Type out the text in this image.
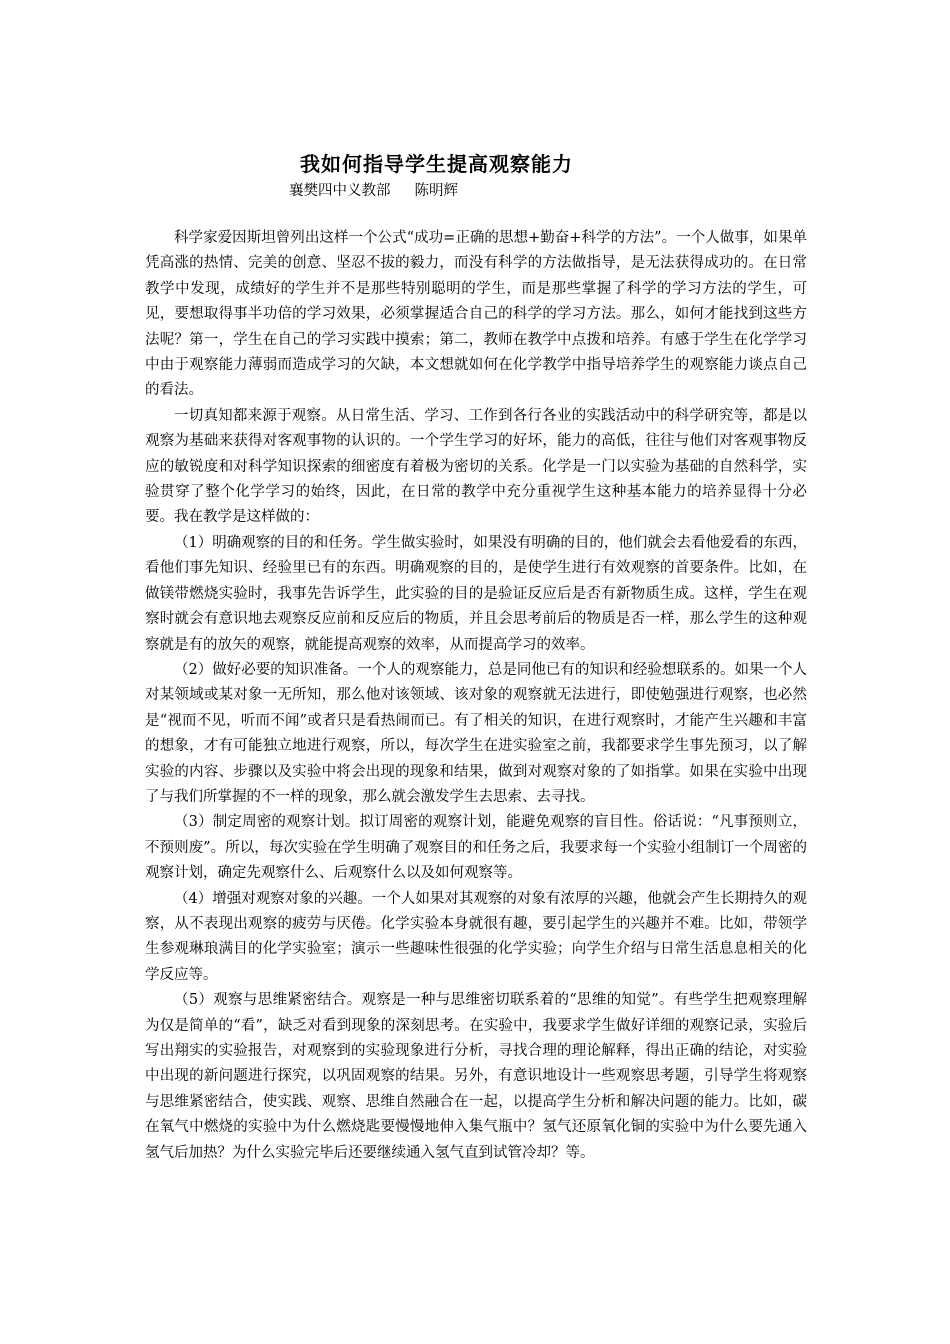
我如何指导学生提高观察能力
襄樊四中义教部 陈明辉

科学家爱因斯坦曾列出这样一个公式“成功=正确的思想+勤奋+科学的方法”。一个人做事，如果单凭高涨的热情、完美的创意、坚忍不拔的毅力，而没有科学的方法做指导，是无法获得成功的。在日常教学中发现，成绩好的学生并不是那些特别聪明的学生，而是那些掌握了科学的学习方法的学生，可见，要想取得事半功倍的学习效果，必须掌握适合自己的科学的学习方法。那么，如何才能找到这些方法呢？第一，学生在自己的学习实践中摸索；第二，教师在教学中点拨和培养。有感于学生在化学学习中由于观察能力薄弱而造成学习的欠缺，本文想就如何在化学教学中指导培养学生的观察能力谈点自己的看法。

一切真知都来源于观察。从日常生活、学习、工作到各行各业的实践活动中的科学研究等，都是以观察为基础来获得对客观事物的认识的。一个学生学习的好坏，能力的高低，往往与他们对客观事物反应的敏锐度和对科学知识探索的细密度有着极为密切的关系。化学是一门以实验为基础的自然科学，实验贯穿了整个化学学习的始终，因此，在日常的教学中充分重视学生这种基本能力的培养显得十分必要。我在教学是这样做的：

（1）明确观察的目的和任务。学生做实验时，如果没有明确的目的，他们就会去看他爱看的东西，看他们事先知识、经验里已有的东西。明确观察的目的，是使学生进行有效观察的首要条件。比如，在做镁带燃烧实验时，我事先告诉学生，此实验的目的是验证反应后是否有新物质生成。这样，学生在观察时就会有意识地去观察反应前和反应后的物质，并且会思考前后的物质是否一样，那么学生的这种观察就是有的放矢的观察，就能提高观察的效率，从而提高学习的效率。

（2）做好必要的知识准备。一个人的观察能力，总是同他已有的知识和经验想联系的。如果一个人对某领域或某对象一无所知，那么他对该领域、该对象的观察就无法进行，即使勉强进行观察，也必然是“视而不见，听而不闻”或者只是看热闹而已。有了相关的知识，在进行观察时，才能产生兴趣和丰富的想象，才有可能独立地进行观察，所以，每次学生在进实验室之前，我都要求学生事先预习，以了解实验的内容、步骤以及实验中将会出现的现象和结果，做到对观察对象的了如指掌。如果在实验中出现了与我们所掌握的不一样的现象，那么就会激发学生去思索、去寻找。

（3）制定周密的观察计划。拟订周密的观察计划，能避免观察的盲目性。俗话说：“凡事预则立，不预则废”。所以，每次实验在学生明确了观察目的和任务之后，我要求每一个实验小组制订一个周密的观察计划，确定先观察什么、后观察什么以及如何观察等。

（4）增强对观察对象的兴趣。一个人如果对其观察的对象有浓厚的兴趣，他就会产生长期持久的观察，从不表现出观察的疲劳与厌倦。化学实验本身就很有趣，要引起学生的兴趣并不难。比如，带领学生参观琳琅满目的化学实验室；演示一些趣味性很强的化学实验；向学生介绍与日常生活息息相关的化学反应等。

（5）观察与思维紧密结合。观察是一种与思维密切联系着的“思维的知觉”。有些学生把观察理解为仅是简单的“看”，缺乏对看到现象的深刻思考。在实验中，我要求学生做好详细的观察记录，实验后写出翔实的实验报告，对观察到的实验现象进行分析，寻找合理的理论解释，得出正确的结论，对实验中出现的新问题进行探究，以巩固观察的结果。另外，有意识地设计一些观察思考题，引导学生将观察与思维紧密结合，使实践、观察、思维自然融合在一起，以提高学生分析和解决问题的能力。比如，碳在氧气中燃烧的实验中为什么燃烧匙要慢慢地伸入集气瓶中？氢气还原氧化铜的实验中为什么要先通入氢气后加热？为什么实验完毕后还要继续通入氢气直到试管冷却？等。
